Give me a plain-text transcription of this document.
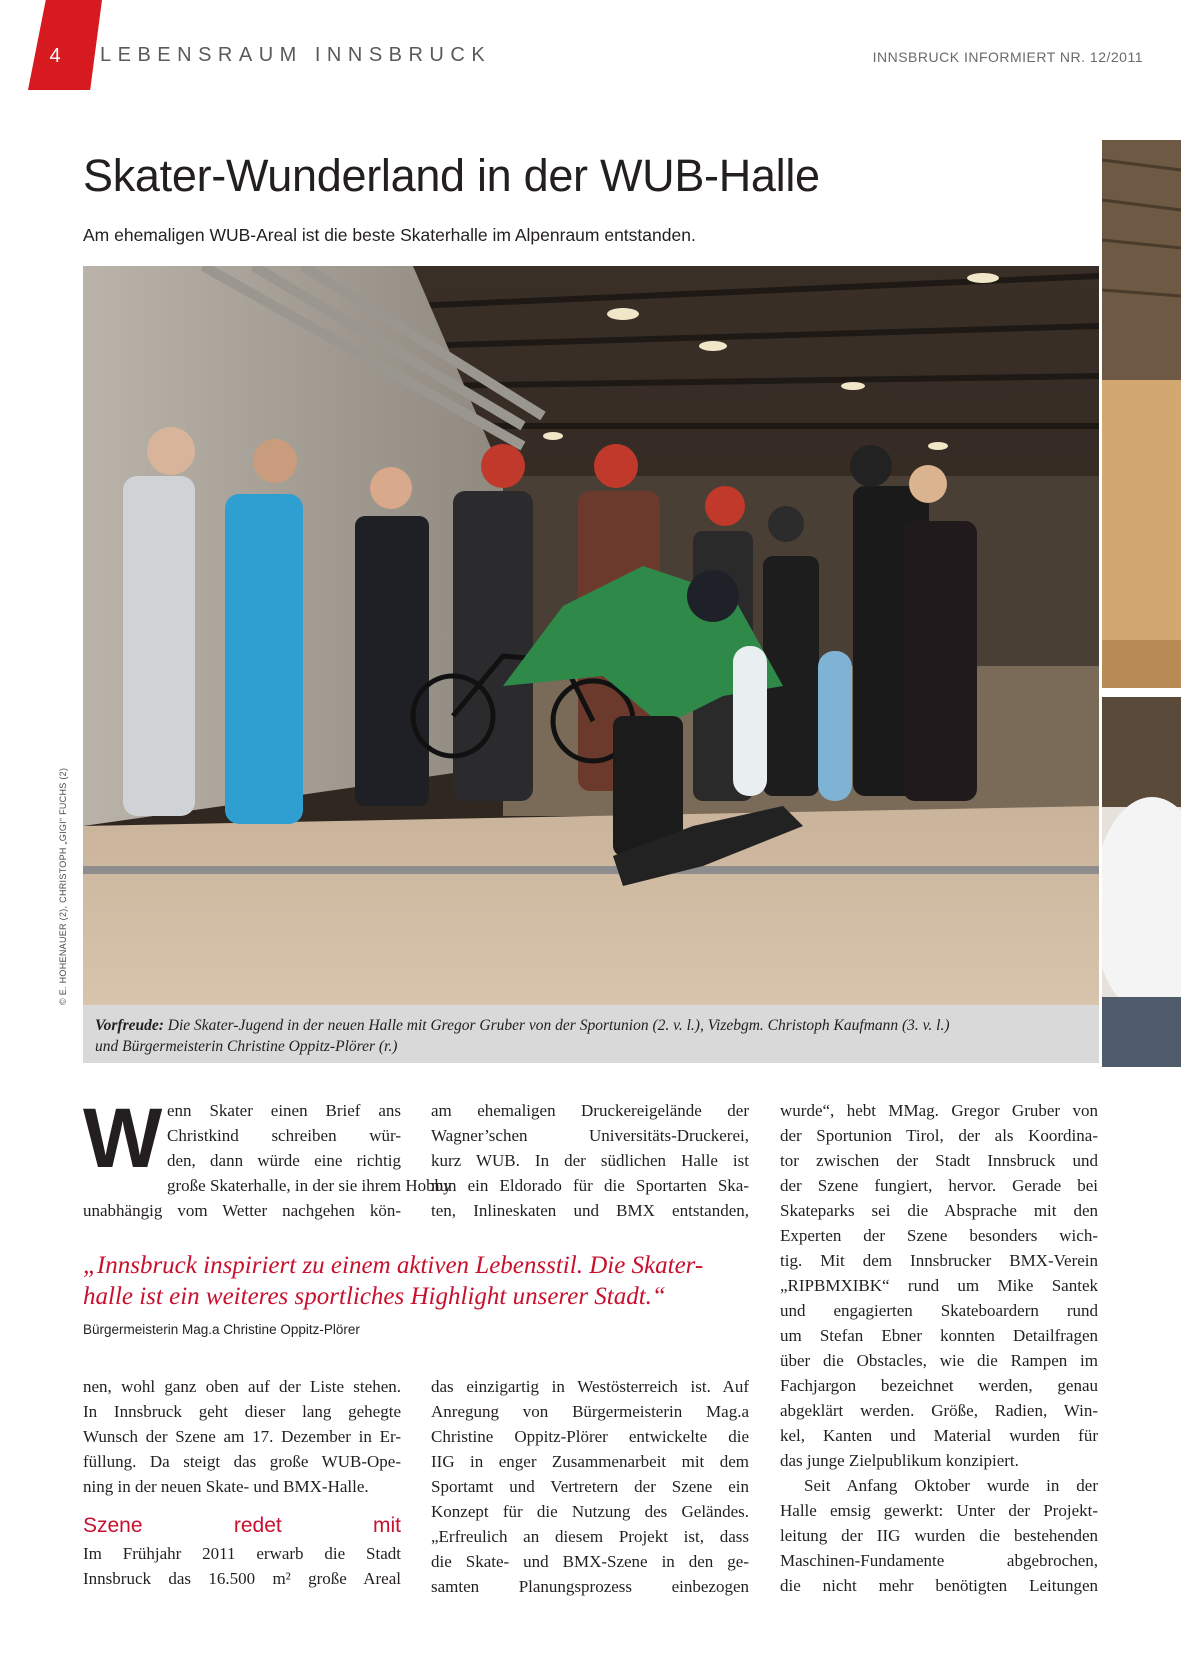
4	LEBENSRAUM INNSBRUCK	INNSBRUCK INFORMIERT NR. 12/2011
Skater-Wunderland in der WUB-Halle
Am ehemaligen WUB-Areal ist die beste Skaterhalle im Alpenraum entstanden.
© E. HOHENAUER (2), CHRISTOPH „GIGI“ FUCHS (2)
Vorfreude: Die Skater-Jugend in der neuen Halle mit Gregor Gruber von der Sportunion (2. v. l.), Vizebgm. Christoph Kaufmann (3. v. l.)
und Bürgermeisterin Christine Oppitz-Plörer (r.)
W enn Skater einen Brief ans
Christkind schreiben wür-
den, dann würde eine richtig
große Skaterhalle, in der sie ihrem Hobby
unabhängig vom Wetter nachgehen kön-
am ehemaligen Druckereigelände der
Wagner’schen Universitäts-Druckerei,
kurz WUB. In der südlichen Halle ist
nun ein Eldorado für die Sportarten Ska-
ten, Inlineskaten und BMX entstanden,
„Innsbruck inspiriert zu einem aktiven Lebensstil. Die Skater-
halle ist ein weiteres sportliches Highlight unserer Stadt.“
Bürgermeisterin Mag.a Christine Oppitz-Plörer
nen, wohl ganz oben auf der Liste stehen.
In Innsbruck geht dieser lang gehegte
Wunsch der Szene am 17. Dezember in Er-
füllung. Da steigt das große WUB-Ope-
ning in der neuen Skate- und BMX-Halle.
Szene redet mit
Im Frühjahr 2011 erwarb die Stadt
Innsbruck das 16.500 m² große Areal
das einzigartig in Westösterreich ist. Auf
Anregung von Bürgermeisterin Mag.a
Christine Oppitz-Plörer entwickelte die
IIG in enger Zusammenarbeit mit dem
Sportamt und Vertretern der Szene ein
Konzept für die Nutzung des Geländes.
„Erfreulich an diesem Projekt ist, dass
die Skate- und BMX-Szene in den ge-
samten Planungsprozess einbezogen
wurde“, hebt MMag. Gregor Gruber von
der Sportunion Tirol, der als Koordina-
tor zwischen der Stadt Innsbruck und
der Szene fungiert, hervor. Gerade bei
Skateparks sei die Absprache mit den
Experten der Szene besonders wich-
tig. Mit dem Innsbrucker BMX-Verein
„RIPBMXIBK“ rund um Mike Santek
und engagierten Skateboardern rund
um Stefan Ebner konnten Detailfragen
über die Obstacles, wie die Rampen im
Fachjargon bezeichnet werden, genau
abgeklärt werden. Größe, Radien, Win-
kel, Kanten und Material wurden für
das junge Zielpublikum konzipiert.
Seit Anfang Oktober wurde in der
Halle emsig gewerkt: Unter der Projekt-
leitung der IIG wurden die bestehenden
Maschinen-Fundamente abgebrochen,
die nicht mehr benötigten Leitungen
